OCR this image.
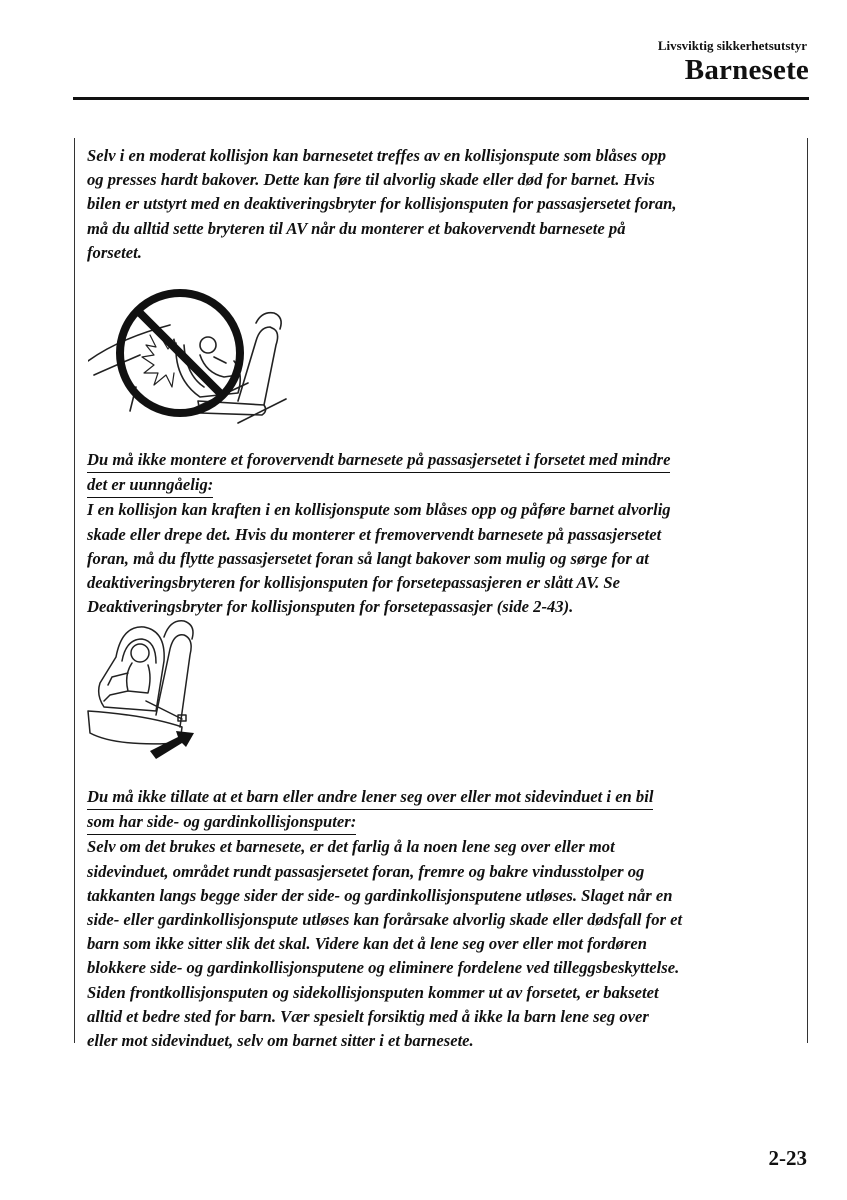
Livsviktig sikkerhetsutstyr
Barnesete

Selv i en moderat kollisjon kan barnesetet treffes av en kollisjonspute som blåses opp
og presses hardt bakover. Dette kan føre til alvorlig skade eller død for barnet. Hvis
bilen er utstyrt med en deaktiveringsbryter for kollisjonsputen for passasjersetet foran,
må du alltid sette bryteren til AV når du monterer et bakovervendt barnesete på
forsetet.

Du må ikke montere et forovervendt barnesete på passasjersetet i forsetet med mindre
det er uunngåelig:
I en kollisjon kan kraften i en kollisjonspute som blåses opp og påføre barnet alvorlig
skade eller drepe det. Hvis du monterer et fremovervendt barnesete på passasjersetet
foran, må du flytte passasjersetet foran så langt bakover som mulig og sørge for at
deaktiveringsbryteren for kollisjonsputen for forsetepassasjeren er slått AV. Se
Deaktiveringsbryter for kollisjonsputen for forsetepassasjer (side 2-43).

Du må ikke tillate at et barn eller andre lener seg over eller mot sidevinduet i en bil
som har side- og gardinkollisjonsputer:
Selv om det brukes et barnesete, er det farlig å la noen lene seg over eller mot
sidevinduet, området rundt passasjersetet foran, fremre og bakre vindusstolper og
takkanten langs begge sider der side- og gardinkollisjonsputene utløses. Slaget når en
side- eller gardinkollisjonspute utløses kan forårsake alvorlig skade eller dødsfall for et
barn som ikke sitter slik det skal. Videre kan det å lene seg over eller mot fordøren
blokkere side- og gardinkollisjonsputene og eliminere fordelene ved tilleggsbeskyttelse.
Siden frontkollisjonsputen og sidekollisjonsputen kommer ut av forsetet, er baksetet
alltid et bedre sted for barn. Vær spesielt forsiktig med å ikke la barn lene seg over
eller mot sidevinduet, selv om barnet sitter i et barnesete.

2-23
